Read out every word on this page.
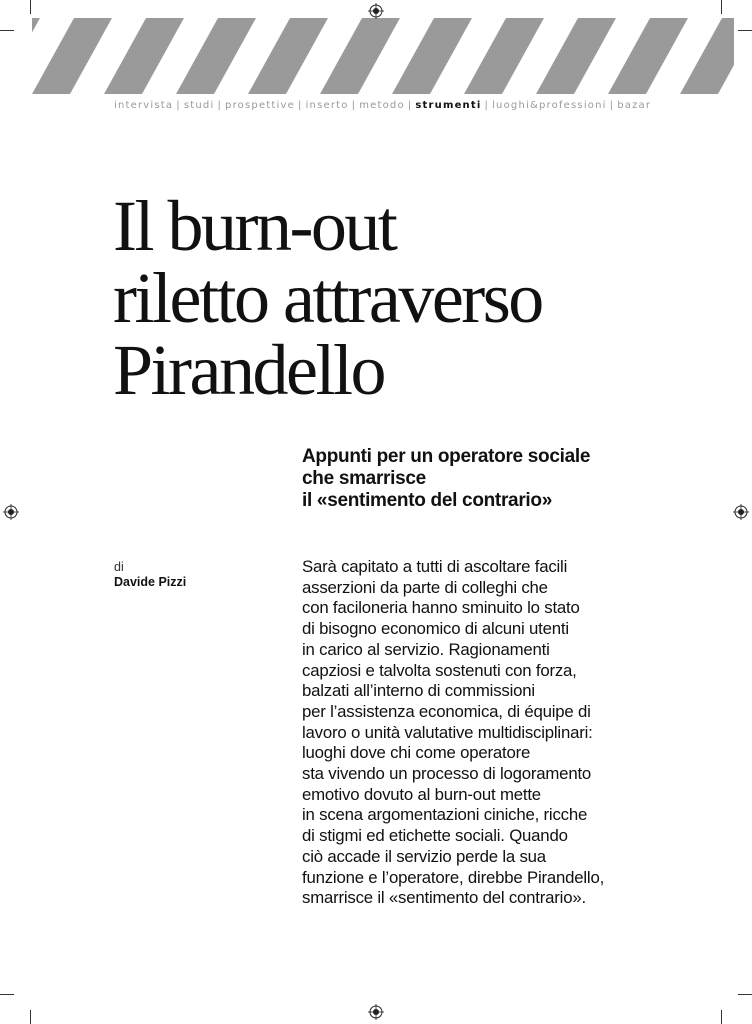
intervista | studi | prospettive | inserto | metodo | strumenti | luoghi&professioni | bazar
Il burn-out
riletto attraverso
Pirandello
Appunti per un operatore sociale
che smarrisce
il «sentimento del contrario»
di
Davide Pizzi
Sarà capitato a tutti di ascoltare facili
asserzioni da parte di colleghi che
con faciloneria hanno sminuito lo stato
di bisogno economico di alcuni utenti
in carico al servizio. Ragionamenti
capziosi e talvolta sostenuti con forza,
balzati all’interno di commissioni
per l’assistenza economica, di équipe di
lavoro o unità valutative multidisciplinari:
luoghi dove chi come operatore
sta vivendo un processo di logoramento
emotivo dovuto al burn-out mette
in scena argomentazioni ciniche, ricche
di stigmi ed etichette sociali. Quando
ciò accade il servizio perde la sua
funzione e l’operatore, direbbe Pirandello,
smarrisce il «sentimento del contrario».
